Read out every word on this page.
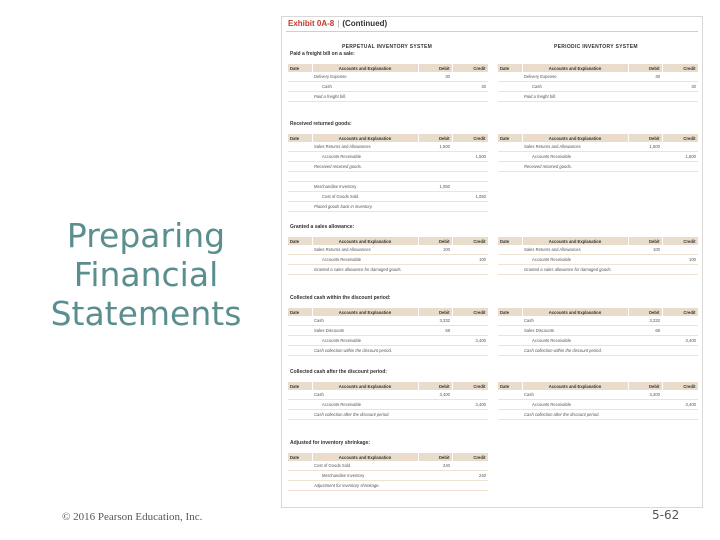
Preparing
Financial
Statements
Exhibit 0A-8 | (Continued)
PERPETUAL INVENTORY SYSTEM	PERIODIC INVENTORY SYSTEM
Paid a freight bill on a sale:
Date	Accounts and Explanation	Debit	Credit
	Delivery Expense	30	
	Cash		30
	Paid a freight bill.		
Date	Accounts and Explanation	Debit	Credit
	Delivery Expense	30	
	Cash		30
	Paid a freight bill.		
Received returned goods:
Date	Accounts and Explanation	Debit	Credit
	Sales Returns and Allowances	1,500	
	Accounts Receivable		1,500
	Received returned goods.		

	Merchandise Inventory	1,050	
	Cost of Goods Sold		1,050
	Placed goods back in inventory.		
Date	Accounts and Explanation	Debit	Credit
	Sales Returns and Allowances	1,500	
	Accounts Receivable		1,500
	Received returned goods.		
Granted a sales allowance:
Date	Accounts and Explanation	Debit	Credit
	Sales Returns and Allowances	100	
	Accounts Receivable		100
	Granted a sales allowance for damaged goods.		
Date	Accounts and Explanation	Debit	Credit
	Sales Returns and Allowances	100	
	Accounts Receivable		100
	Granted a sales allowance for damaged goods.		
Collected cash within the discount period:
Date	Accounts and Explanation	Debit	Credit
	Cash	3,332	
	Sales Discounts	68	
	Accounts Receivable		3,400
	Cash collection within the discount period.		
Date	Accounts and Explanation	Debit	Credit
	Cash	3,332	
	Sales Discounts	68	
	Accounts Receivable		3,400
	Cash collection within the discount period.		
Collected cash after the discount period:
Date	Accounts and Explanation	Debit	Credit
	Cash	3,400	
	Accounts Receivable		3,400
	Cash collection after the discount period.		
Date	Accounts and Explanation	Debit	Credit
	Cash	3,400	
	Accounts Receivable		3,400
	Cash collection after the discount period.		
Adjusted for inventory shrinkage:
Date	Accounts and Explanation	Debit	Credit
	Cost of Goods Sold	240	
	Merchandise Inventory		240
	Adjustment for inventory shrinkage.		
© 2016 Pearson Education, Inc.	5-62
